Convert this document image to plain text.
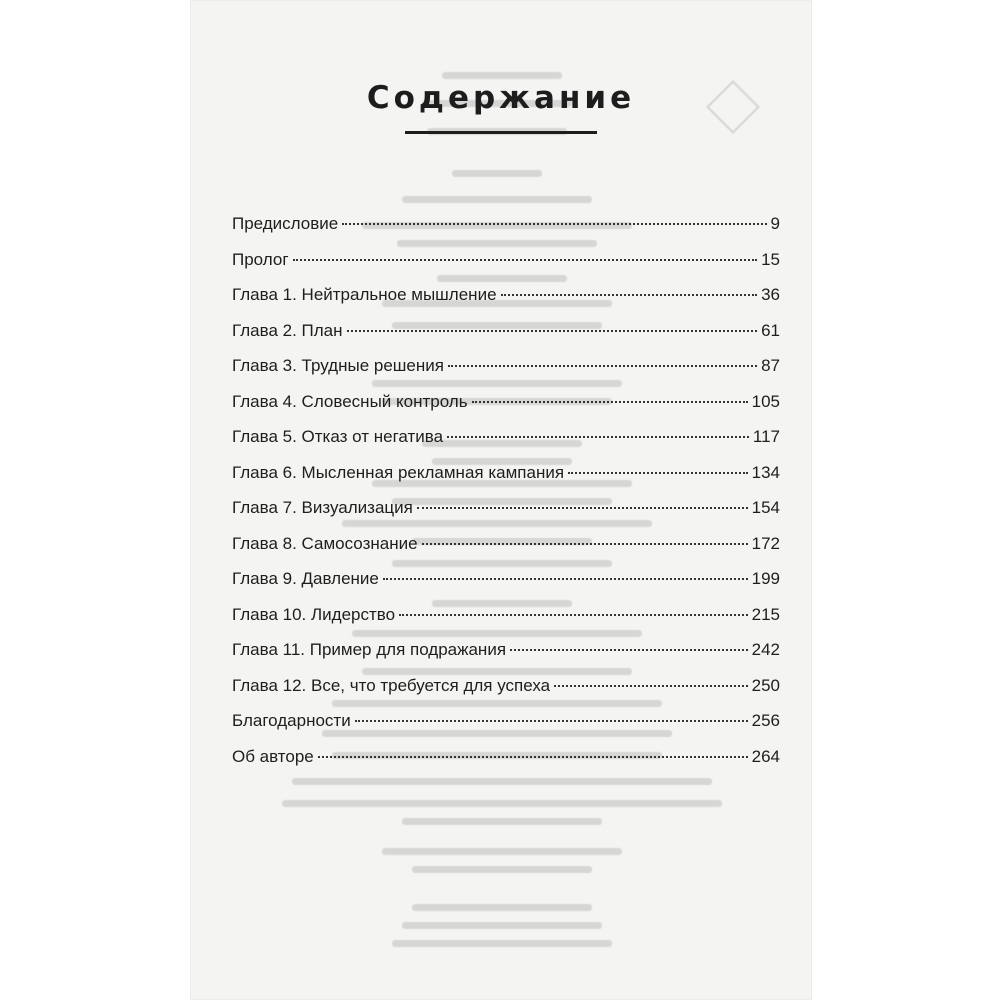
Содержание
Предисловие	9
Пролог	15
Глава 1. Нейтральное мышление	36
Глава 2. План	61
Глава 3. Трудные решения	87
Глава 4. Словесный контроль	105
Глава 5. Отказ от негатива	117
Глава 6. Мысленная рекламная кампания	134
Глава 7. Визуализация	154
Глава 8. Самосознание	172
Глава 9. Давление	199
Глава 10. Лидерство	215
Глава 11. Пример для подражания	242
Глава 12. Все, что требуется для успеха	250
Благодарности	256
Об авторе	264
